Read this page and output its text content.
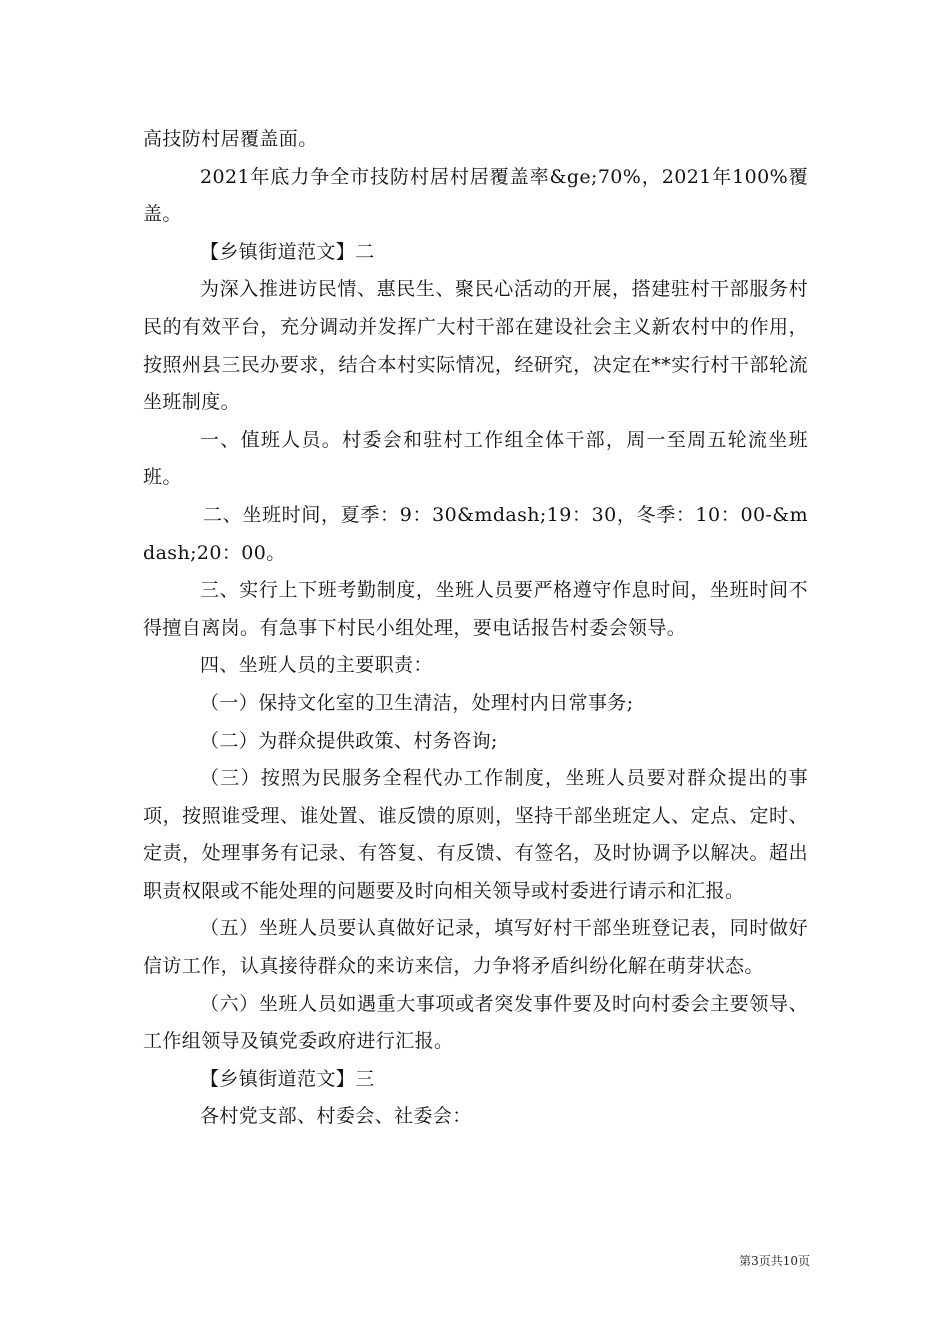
高技防村居覆盖面。

2021年底力争全市技防村居村居覆盖率&ge;70%，2021年100%覆盖。

【乡镇街道范文】二

为深入推进访民情、惠民生、聚民心活动的开展，搭建驻村干部服务村民的有效平台，充分调动并发挥广大村干部在建设社会主义新农村中的作用，按照州县三民办要求，结合本村实际情况，经研究，决定在**实行村干部轮流坐班制度。

一、值班人员。村委会和驻村工作组全体干部，周一至周五轮流坐班班。

二、坐班时间，夏季：9：30&mdash;19：30，冬季：10：00-&mdash;20：00。

三、实行上下班考勤制度，坐班人员要严格遵守作息时间，坐班时间不得擅自离岗。有急事下村民小组处理，要电话报告村委会领导。

四、坐班人员的主要职责：

（一）保持文化室的卫生清洁，处理村内日常事务;

（二）为群众提供政策、村务咨询;

（三）按照为民服务全程代办工作制度，坐班人员要对群众提出的事项，按照谁受理、谁处置、谁反馈的原则，坚持干部坐班定人、定点、定时、定责，处理事务有记录、有答复、有反馈、有签名，及时协调予以解决。超出职责权限或不能处理的问题要及时向相关领导或村委进行请示和汇报。

（五）坐班人员要认真做好记录，填写好村干部坐班登记表，同时做好信访工作，认真接待群众的来访来信，力争将矛盾纠纷化解在萌芽状态。

（六）坐班人员如遇重大事项或者突发事件要及时向村委会主要领导、工作组领导及镇党委政府进行汇报。

【乡镇街道范文】三

各村党支部、村委会、社委会：

第3页共10页
